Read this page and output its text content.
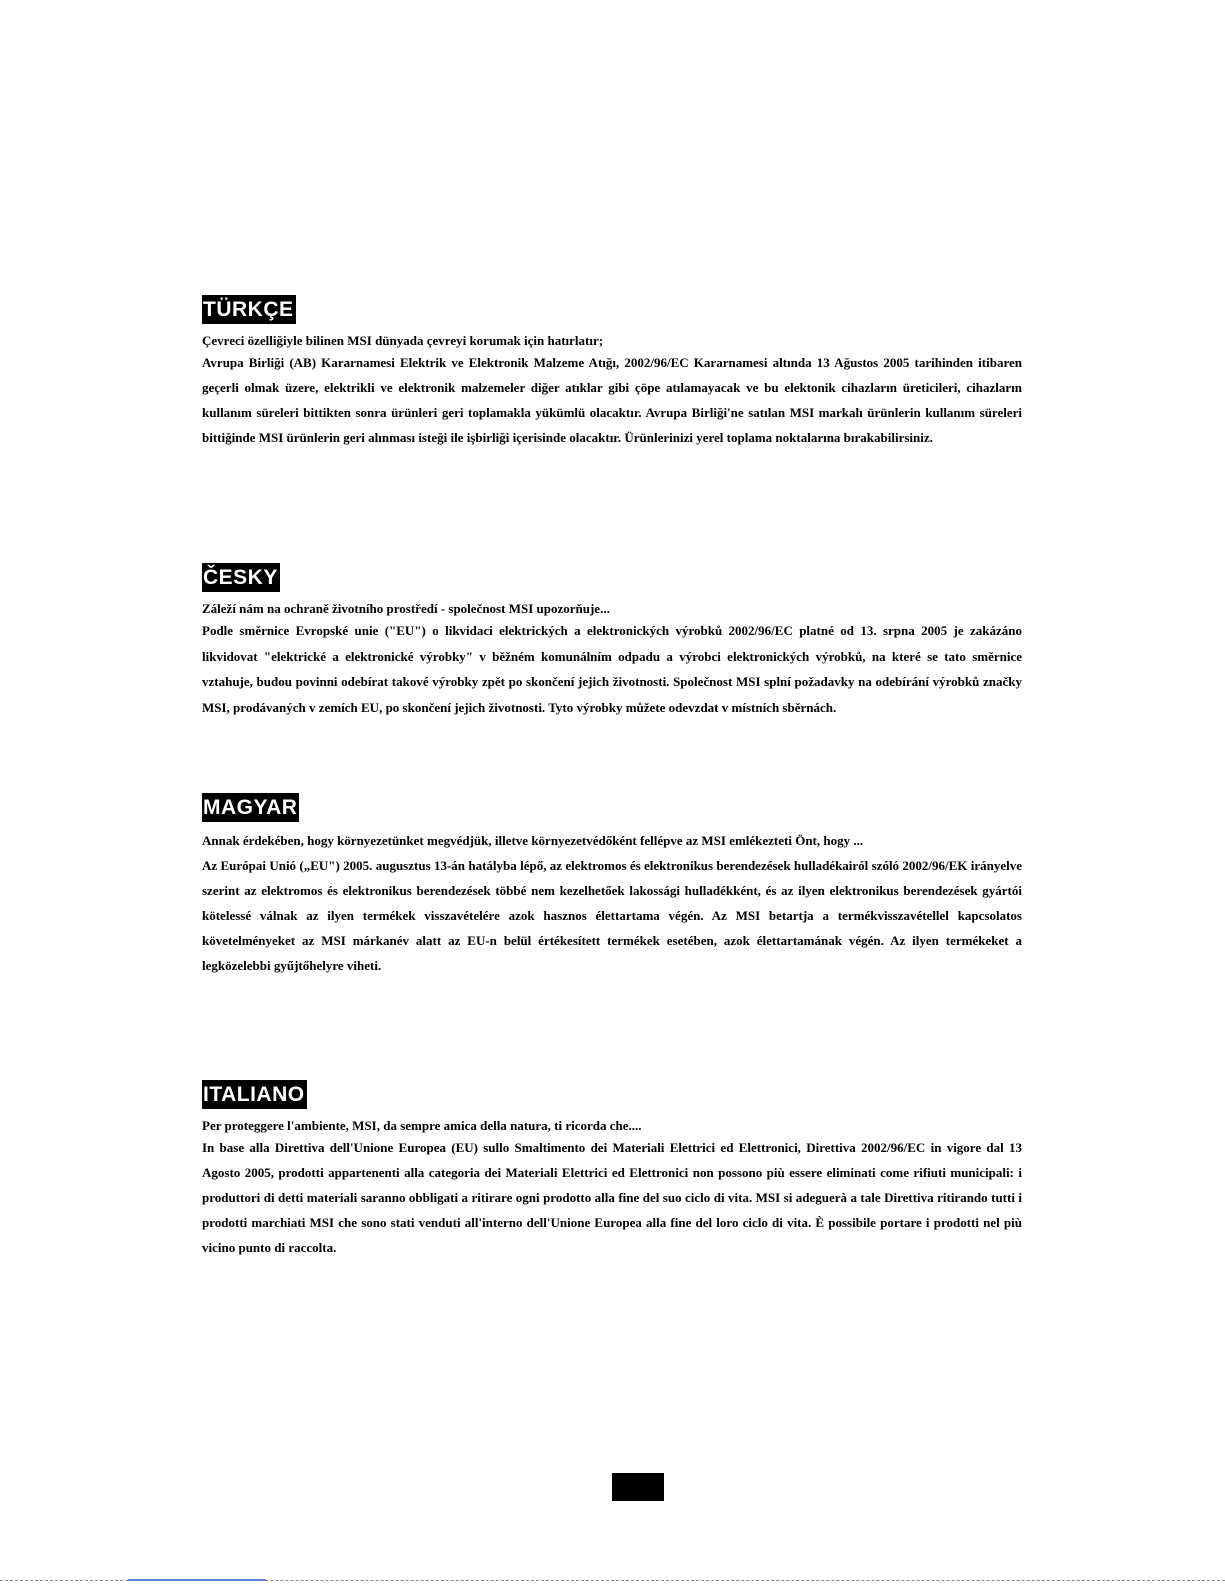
TÜRKÇE
Çevreci özelliğiyle bilinen MSI dünyada çevreyi korumak için hatırlatır;
Avrupa Birliği (AB) Kararnamesi Elektrik ve Elektronik Malzeme Atığı, 2002/96/EC Kararnamesi altında 13 Ağustos 2005 tarihinden itibaren geçerli olmak üzere, elektrikli ve elektronik malzemeler diğer atıklar gibi çöpe atılamayacak ve bu elektonik cihazların üreticileri, cihazların kullanım süreleri bittikten sonra ürünleri geri toplamakla yükümlü olacaktır. Avrupa Birliği'ne satılan MSI markalı ürünlerin kullanım süreleri bittiğinde MSI ürünlerin geri alınması isteği ile işbirliği içerisinde olacaktır. Ürünlerinizi yerel toplama noktalarına bırakabilirsiniz.
ČESKY
Záleží nám na ochraně životního prostředí - společnost MSI upozorňuje...
Podle směrnice Evropské unie ("EU") o likvidaci elektrických a elektronických výrobků 2002/96/EC platné od 13. srpna 2005 je zakázáno likvidovat "elektrické a elektronické výrobky" v běžném komunálním odpadu a výrobci elektronických výrobků, na které se tato směrnice vztahuje, budou povinni odebírat takové výrobky zpět po skončení jejich životnosti. Společnost MSI splní požadavky na odebírání výrobků značky MSI, prodávaných v zemích EU, po skončení jejich životnosti. Tyto výrobky můžete odevzdat v místních sběrnách.
MAGYAR
Annak érdekében, hogy környezetünket megvédjük, illetve környezetvédőként fellépve az MSI emlékezteti Önt, hogy ...
Az Európai Unió („EU") 2005. augusztus 13-án hatályba lépő, az elektromos és elektronikus berendezések hulladékairól szóló 2002/96/EK irányelve szerint az elektromos és elektronikus berendezések többé nem kezelhetőek lakossági hulladékként, és az ilyen elektronikus berendezések gyártói kötelessé válnak az ilyen termékek visszavételére azok hasznos élettartama végén. Az MSI betartja a termékvisszavétellel kapcsolatos követelményeket az MSI márkanév alatt az EU-n belül értékesített termékek esetében, azok élettartamának végén. Az ilyen termékeket a legközelebbi gyűjtőhelyre viheti.
ITALIANO
Per proteggere l'ambiente, MSI, da sempre amica della natura, ti ricorda che....
In base alla Direttiva dell'Unione Europea (EU) sullo Smaltimento dei Materiali Elettrici ed Elettronici, Direttiva 2002/96/EC in vigore dal 13 Agosto 2005, prodotti appartenenti alla categoria dei Materiali Elettrici ed Elettronici non possono più essere eliminati come rifiuti municipali: i produttori di detti materiali saranno obbligati a ritirare ogni prodotto alla fine del suo ciclo di vita. MSI si adeguerà a tale Direttiva ritirando tutti i prodotti marchiati MSI che sono stati venduti all'interno dell'Unione Europea alla fine del loro ciclo di vita. È possibile portare i prodotti nel più vicino punto di raccolta.
